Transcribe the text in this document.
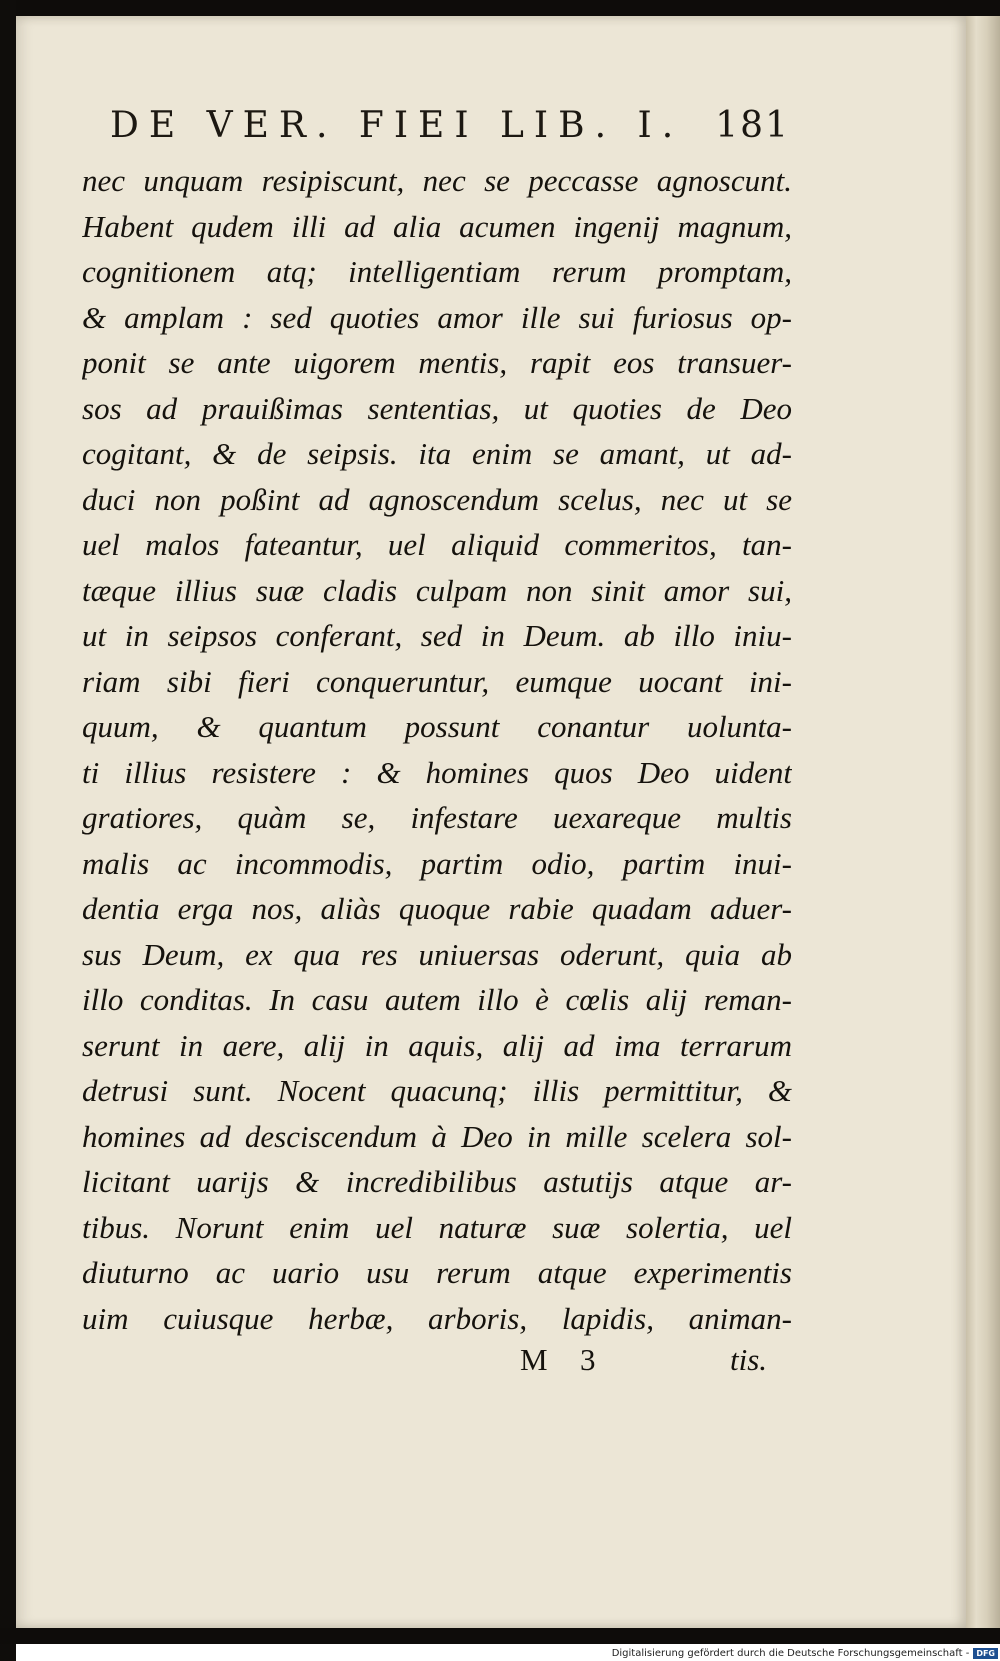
DE VER. FIEI LIB. I. 181
nec unquam resipiscunt, nec se peccasse agnoscunt.
Habent qudem illi ad alia acumen ingenij magnum,
cognitionem atq; intelligentiam rerum promptam,
& amplam : sed quoties amor ille sui furiosus op-
ponit se ante uigorem mentis, rapit eos transuer-
sos ad prauißimas sententias, ut quoties de Deo
cogitant, & de seipsis. ita enim se amant, ut ad-
duci non poßint ad agnoscendum scelus, nec ut se
uel malos fateantur, uel aliquid commeritos, tan-
tæque illius suæ cladis culpam non sinit amor sui,
ut in seipsos conferant, sed in Deum. ab illo iniu-
riam sibi fieri conqueruntur, eumque uocant ini-
quum, & quantum possunt conantur uolunta-
ti illius resistere : & homines quos Deo uident
gratiores, quàm se, infestare uexareque multis
malis ac incommodis, partim odio, partim inui-
dentia erga nos, aliàs quoque rabie quadam aduer-
sus Deum, ex qua res uniuersas oderunt, quia ab
illo conditas. In casu autem illo è cœlis alij reman-
serunt in aere, alij in aquis, alij ad ima terrarum
detrusi sunt. Nocent quacunq; illis permittitur, &
homines ad desciscendum à Deo in mille scelera sol-
licitant uarijs & incredibilibus astutijs atque ar-
tibus. Norunt enim uel naturæ suæ solertia, uel
diuturno ac uario usu rerum atque experimentis
uim cuiusque herbæ, arboris, lapidis, animan-
M	3	tis.
Digitalisierung gefördert durch die Deutsche Forschungsgemeinschaft - DFG
